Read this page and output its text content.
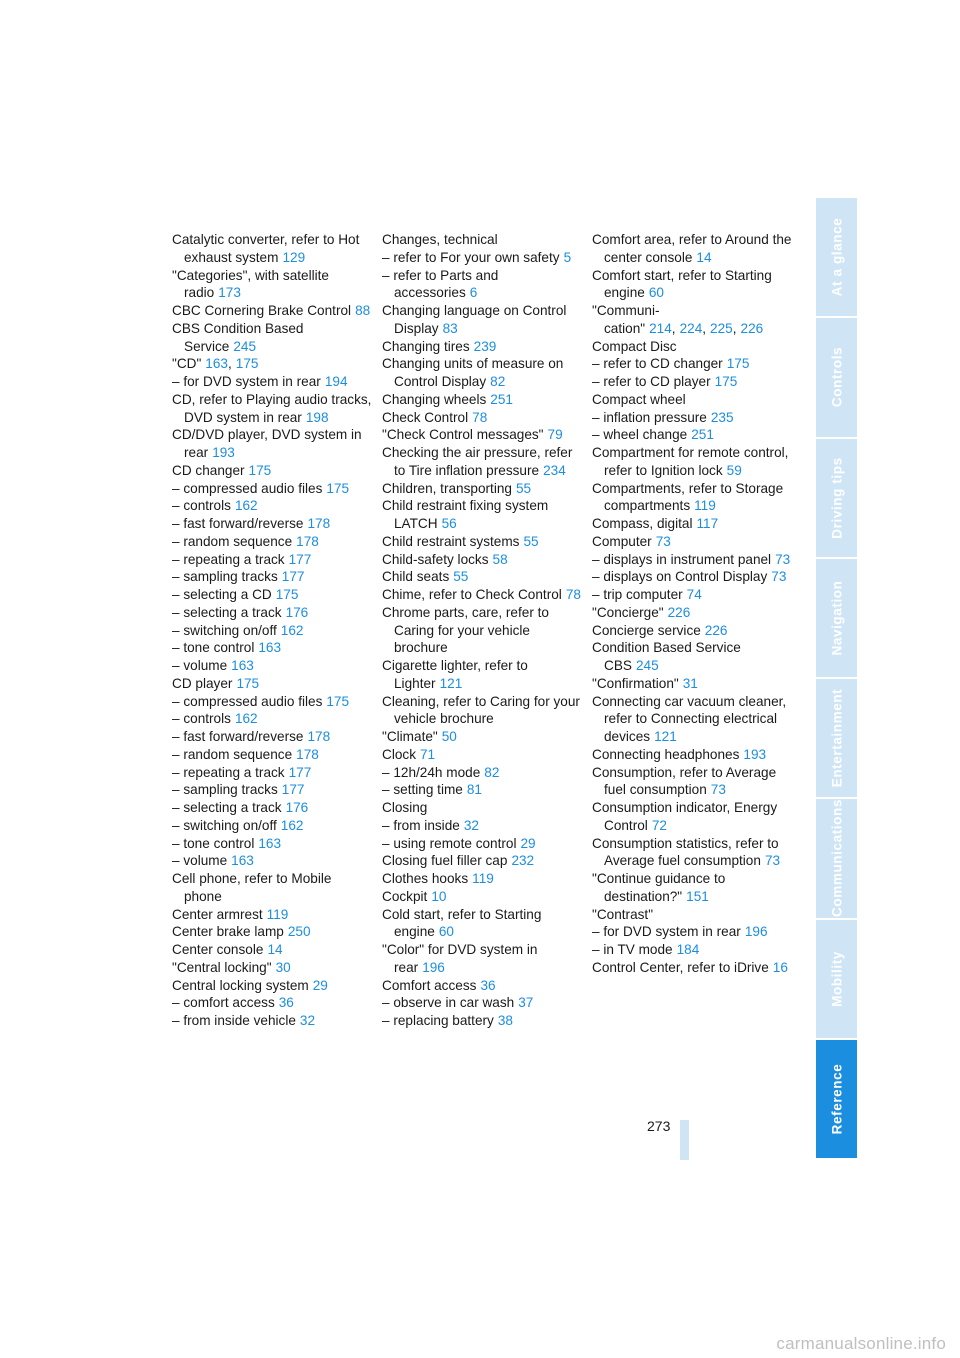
Catalytic converter, refer to Hot exhaust system 129

"Categories", with satellite radio 173

CBC Cornering Brake Control 88

CBS Condition Based Service 245

"CD" 163, 175

– for DVD system in rear 194

CD, refer to Playing audio tracks, DVD system in rear 198

CD/DVD player, DVD system in rear 193

CD changer 175

– compressed audio files 175

– controls 162

– fast forward/reverse 178

– random sequence 178

– repeating a track 177

– sampling tracks 177

– selecting a CD 175

– selecting a track 176

– switching on/off 162

– tone control 163

– volume 163

CD player 175

– compressed audio files 175

– controls 162

– fast forward/reverse 178

– random sequence 178

– repeating a track 177

– sampling tracks 177

– selecting a track 176

– switching on/off 162

– tone control 163

– volume 163

Cell phone, refer to Mobile phone

Center armrest 119

Center brake lamp 250

Center console 14

"Central locking" 30

Central locking system 29

– comfort access 36

– from inside vehicle 32

Changes, technical

– refer to For your own safety 5

– refer to Parts and accessories 6

Changing language on Control Display 83

Changing tires 239

Changing units of measure on Control Display 82

Changing wheels 251

Check Control 78

"Check Control messages" 79

Checking the air pressure, refer to Tire inflation pressure 234

Children, transporting 55

Child restraint fixing system LATCH 56

Child restraint systems 55

Child-safety locks 58

Child seats 55

Chime, refer to Check Control 78

Chrome parts, care, refer to Caring for your vehicle brochure

Cigarette lighter, refer to Lighter 121

Cleaning, refer to Caring for your vehicle brochure

"Climate" 50

Clock 71

– 12h/24h mode 82

– setting time 81

Closing

– from inside 32

– using remote control 29

Closing fuel filler cap 232

Clothes hooks 119

Cockpit 10

Cold start, refer to Starting engine 60

"Color" for DVD system in rear 196

Comfort access 36

– observe in car wash 37

– replacing battery 38

Comfort area, refer to Around the center console 14

Comfort start, refer to Starting engine 60

"Communi-cation" 214, 224, 225, 226

Compact Disc

– refer to CD changer 175

– refer to CD player 175

Compact wheel

– inflation pressure 235

– wheel change 251

Compartment for remote control, refer to Ignition lock 59

Compartments, refer to Storage compartments 119

Compass, digital 117

Computer 73

– displays in instrument panel 73

– displays on Control Display 73

– trip computer 74

"Concierge" 226

Concierge service 226

Condition Based Service CBS 245

"Confirmation" 31

Connecting car vacuum cleaner, refer to Connecting electrical devices 121

Connecting headphones 193

Consumption, refer to Average fuel consumption 73

Consumption indicator, Energy Control 72

Consumption statistics, refer to Average fuel consumption 73

"Continue guidance to destination?" 151

"Contrast"

– for DVD system in rear 196

– in TV mode 184

Control Center, refer to iDrive 16

At a glance
Controls
Driving tips
Navigation
Entertainment
Communications
Mobility
Reference
273
carmanualsonline.info
